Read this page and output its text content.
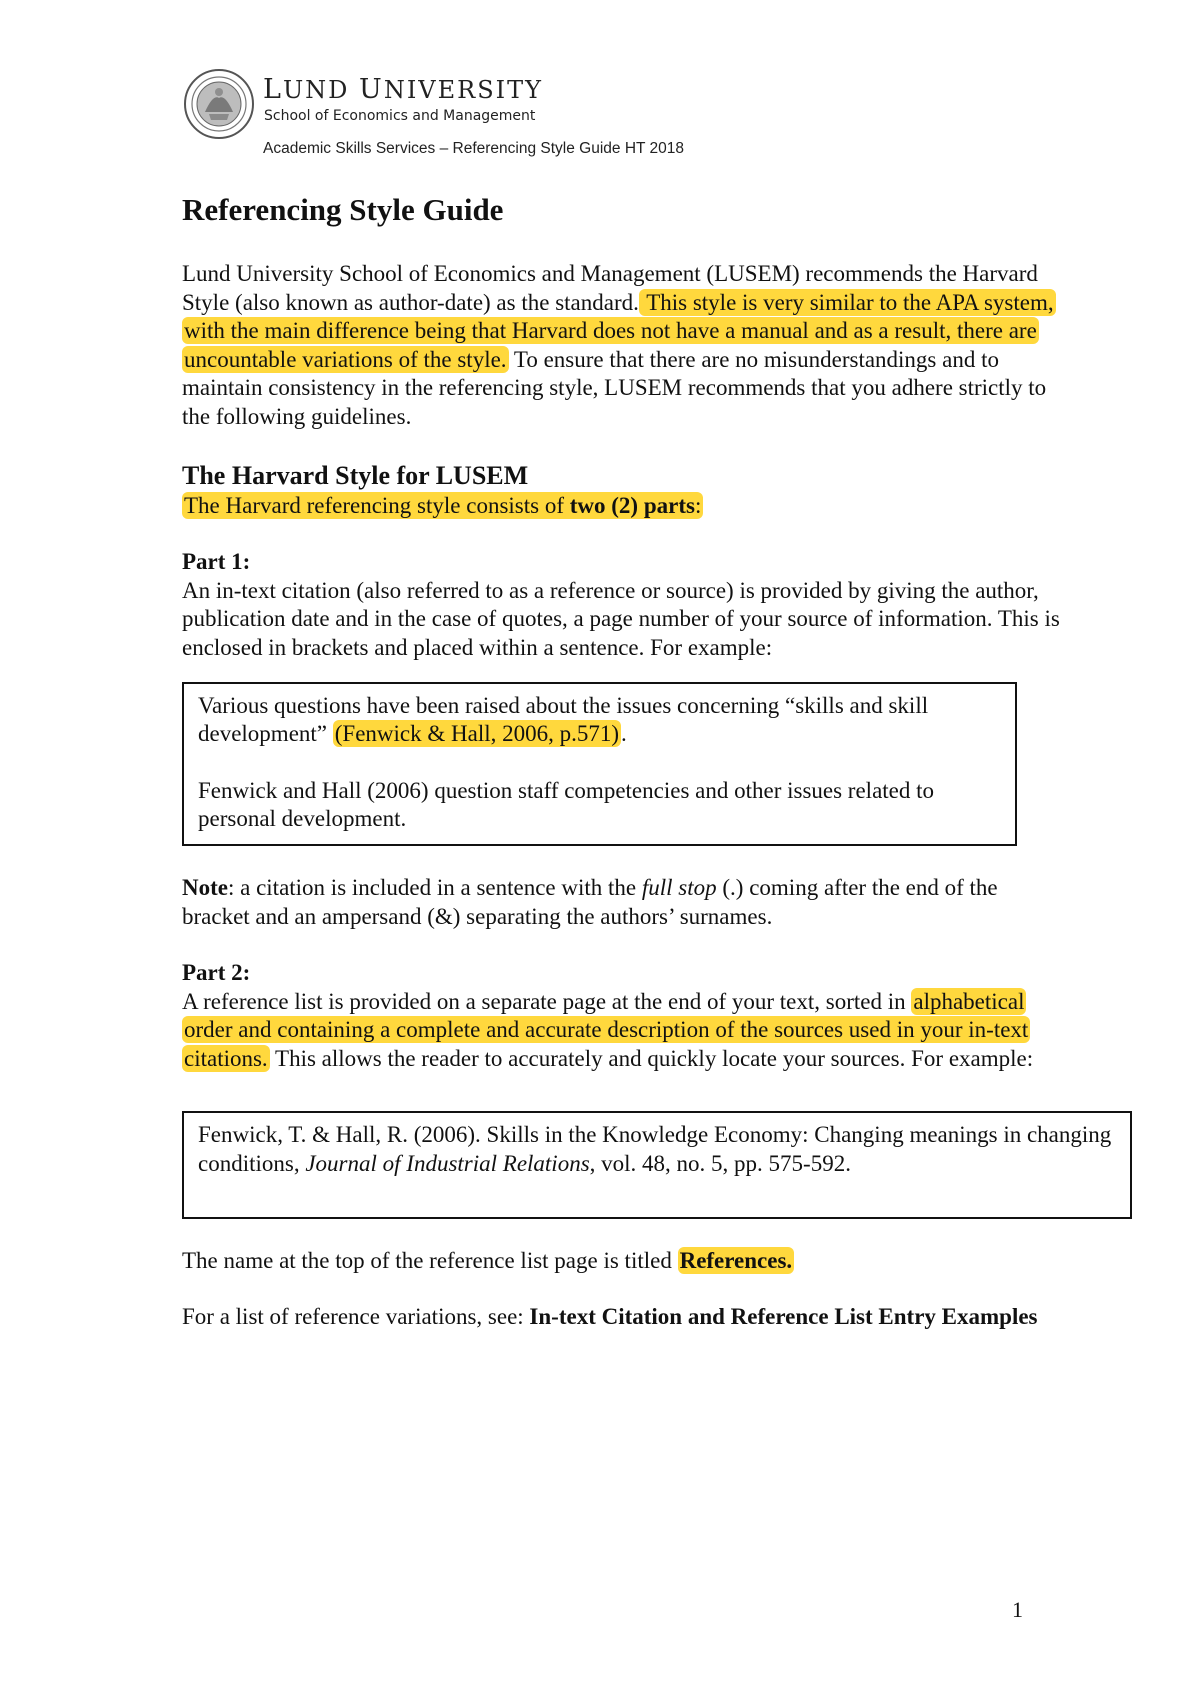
LUND UNIVERSITY
School of Economics and Management
Academic Skills Services – Referencing Style Guide HT 2018
Referencing Style Guide

Lund University School of Economics and Management (LUSEM) recommends the Harvard Style (also known as author-date) as the standard. This style is very similar to the APA system, with the main difference being that Harvard does not have a manual and as a result, there are uncountable variations of the style. To ensure that there are no misunderstandings and to maintain consistency in the referencing style, LUSEM recommends that you adhere strictly to the following guidelines.

The Harvard Style for LUSEM

The Harvard referencing style consists of two (2) parts:

Part 1:

An in-text citation (also referred to as a reference or source) is provided by giving the author, publication date and in the case of quotes, a page number of your source of information. This is enclosed in brackets and placed within a sentence. For example:

Various questions have been raised about the issues concerning “skills and skill development” (Fenwick & Hall, 2006, p.571).

Fenwick and Hall (2006) question staff competencies and other issues related to personal development.

Note: a citation is included in a sentence with the full stop (.) coming after the end of the bracket and an ampersand (&) separating the authors’ surnames.

Part 2:

A reference list is provided on a separate page at the end of your text, sorted in alphabetical order and containing a complete and accurate description of the sources used in your in-text citations. This allows the reader to accurately and quickly locate your sources. For example:

Fenwick, T. & Hall, R. (2006). Skills in the Knowledge Economy: Changing meanings in changing conditions, Journal of Industrial Relations, vol. 48, no. 5, pp. 575-592.

The name at the top of the reference list page is titled References.

For a list of reference variations, see: In-text Citation and Reference List Entry Examples

1
